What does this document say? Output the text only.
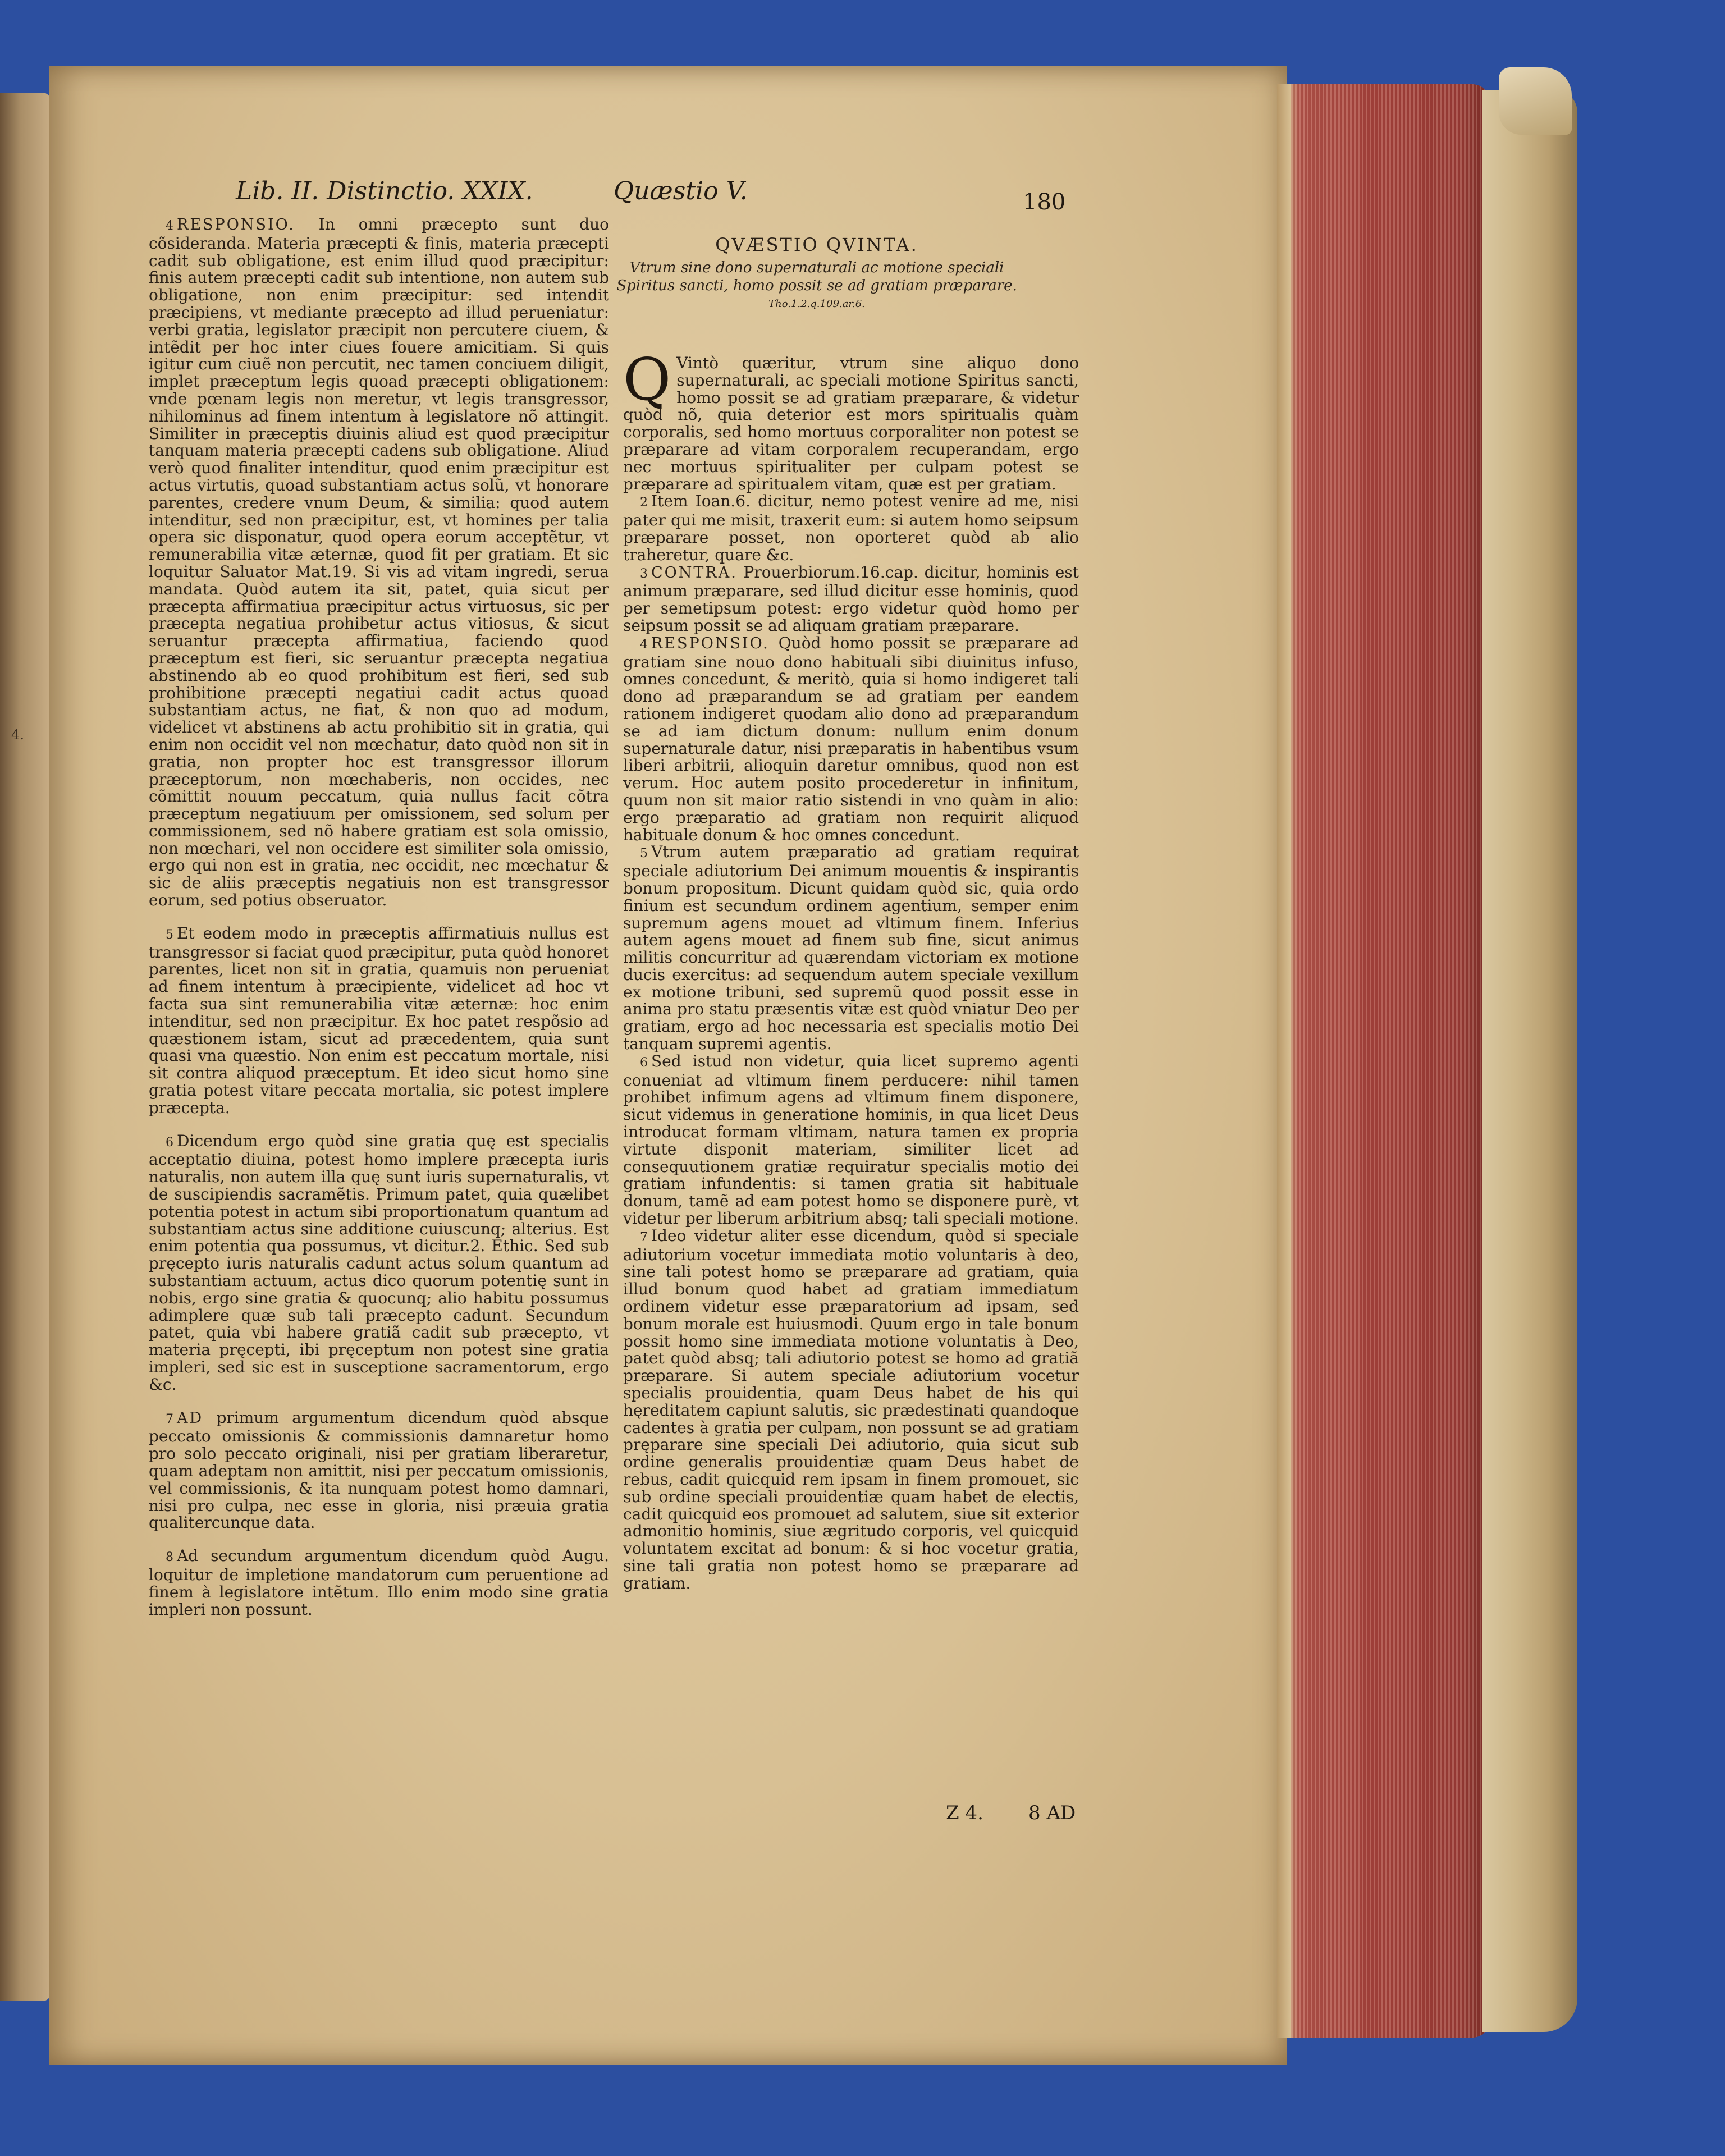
4.
Lib. II. Distinctio. XXIX.	Quæstio V.	180

4 RESPONSIO. In omni præcepto sunt duo cõsideranda. Materia præcepti & finis, materia præcepti cadit sub obligatione, est enim illud quod præcipitur: finis autem præcepti cadit sub intentione, non autem sub obligatione, non enim præcipitur: sed intendit præcipiens, vt mediante præcepto ad illud perueniatur: verbi gratia, legislator præcipit non percutere ciuem, & intẽdit per hoc inter ciues fouere amicitiam. Si quis igitur cum ciuẽ non percutit, nec tamen conciuem diligit, implet præceptum legis quoad præcepti obligationem: vnde pœnam legis non meretur, vt legis transgressor, nihilominus ad finem intentum à legislatore nõ attingit. Similiter in præceptis diuinis aliud est quod præcipitur tanquam materia præcepti cadens sub obligatione. Aliud verò quod finaliter intenditur, quod enim præcipitur est actus virtutis, quoad substantiam actus solũ, vt honorare parentes, credere vnum Deum, & similia: quod autem intenditur, sed non præcipitur, est, vt homines per talia opera sic disponatur, quod opera eorum acceptẽtur, vt remunerabilia vitæ æternæ, quod fit per gratiam. Et sic loquitur Saluator Mat.19. Si vis ad vitam ingredi, serua mandata. Quòd autem ita sit, patet, quia sicut per præcepta affirmatiua præcipitur actus virtuosus, sic per præcepta negatiua prohibetur actus vitiosus, & sicut seruantur præcepta affirmatiua, faciendo quod præceptum est fieri, sic seruantur præcepta negatiua abstinendo ab eo quod prohibitum est fieri, sed sub prohibitione præcepti negatiui cadit actus quoad substantiam actus, ne fiat, & non quo ad modum, videlicet vt abstinens ab actu prohibitio sit in gratia, qui enim non occidit vel non mœchatur, dato quòd non sit in gratia, non propter hoc est transgressor illorum præceptorum, non mœchaberis, non occides, nec cõmittit nouum peccatum, quia nullus facit cõtra præceptum negatiuum per omissionem, sed solum per commissionem, sed nõ habere gratiam est sola omissio, non mœchari, vel non occidere est similiter sola omissio, ergo qui non est in gratia, nec occidit, nec mœchatur & sic de aliis præceptis negatiuis non est transgressor eorum, sed potius obseruator.

5 Et eodem modo in præceptis affirmatiuis nullus est transgressor si faciat quod præcipitur, puta quòd honoret parentes, licet non sit in gratia, quamuis non perueniat ad finem intentum à præcipiente, videlicet ad hoc vt facta sua sint remunerabilia vitæ æternæ: hoc enim intenditur, sed non præcipitur. Ex hoc patet respõsio ad quæstionem istam, sicut ad præcedentem, quia sunt quasi vna quæstio. Non enim est peccatum mortale, nisi sit contra aliquod præceptum. Et ideo sicut homo sine gratia potest vitare peccata mortalia, sic potest implere præcepta.

6 Dicendum ergo quòd sine gratia quę est specialis acceptatio diuina, potest homo implere præcepta iuris naturalis, non autem illa quę sunt iuris supernaturalis, vt de suscipiendis sacramẽtis. Primum patet, quia quælibet potentia potest in actum sibi proportionatum quantum ad substantiam actus sine additione cuiuscunq; alterius. Est enim potentia qua possumus, vt dicitur.2. Ethic. Sed sub pręcepto iuris naturalis cadunt actus solum quantum ad substantiam actuum, actus dico quorum potentię sunt in nobis, ergo sine gratia & quocunq; alio habitu possumus adimplere quæ sub tali præcepto cadunt. Secundum patet, quia vbi habere gratiã cadit sub præcepto, vt materia pręcepti, ibi pręceptum non potest sine gratia impleri, sed sic est in susceptione sacramentorum, ergo &c.

7 AD primum argumentum dicendum quòd absque peccato omissionis & commissionis damnaretur homo pro solo peccato originali, nisi per gratiam liberaretur, quam adeptam non amittit, nisi per peccatum omissionis, vel commissionis, & ita nunquam potest homo damnari, nisi pro culpa, nec esse in gloria, nisi præuia gratia qualitercunque data.

8 Ad secundum argumentum dicendum quòd Augu. loquitur de impletione mandatorum cum peruentione ad finem à legislatore intẽtum. Illo enim modo sine gratia impleri non possunt.

QVÆSTIO QVINTA.
Vtrum sine dono supernaturali ac motione speciali Spiritus sancti, homo possit se ad gratiam præparare.
Tho.1.2.q.109.ar.6.

Q Vintò quæritur, vtrum sine aliquo dono supernaturali, ac speciali motione Spiritus sancti, homo possit se ad gratiam præparare, & videtur quòd nõ, quia deterior est mors spiritualis quàm corporalis, sed homo mortuus corporaliter non potest se præparare ad vitam corporalem recuperandam, ergo nec mortuus spiritualiter per culpam potest se præparare ad spiritualem vitam, quæ est per gratiam.

2 Item Ioan.6. dicitur, nemo potest venire ad me, nisi pater qui me misit, traxerit eum: si autem homo seipsum præparare posset, non oporteret quòd ab alio traheretur, quare &c.

3 CONTRA. Prouerbiorum.16.cap. dicitur, hominis est animum præparare, sed illud dicitur esse hominis, quod per semetipsum potest: ergo videtur quòd homo per seipsum possit se ad aliquam gratiam præparare.

4 RESPONSIO. Quòd homo possit se præparare ad gratiam sine nouo dono habituali sibi diuinitus infuso, omnes concedunt, & meritò, quia si homo indigeret tali dono ad præparandum se ad gratiam per eandem rationem indigeret quodam alio dono ad præparandum se ad iam dictum donum: nullum enim donum supernaturale datur, nisi præparatis in habentibus vsum liberi arbitrii, alioquin daretur omnibus, quod non est verum. Hoc autem posito procederetur in infinitum, quum non sit maior ratio sistendi in vno quàm in alio: ergo præparatio ad gratiam non requirit aliquod habituale donum & hoc omnes concedunt.

5 Vtrum autem præparatio ad gratiam requirat speciale adiutorium Dei animum mouentis & inspirantis bonum propositum. Dicunt quidam quòd sic, quia ordo finium est secundum ordinem agentium, semper enim supremum agens mouet ad vltimum finem. Inferius autem agens mouet ad finem sub fine, sicut animus militis concurritur ad quærendam victoriam ex motione ducis exercitus: ad sequendum autem speciale vexillum ex motione tribuni, sed supremũ quod possit esse in anima pro statu præsentis vitæ est quòd vniatur Deo per gratiam, ergo ad hoc necessaria est specialis motio Dei tanquam supremi agentis.

6 Sed istud non videtur, quia licet supremo agenti conueniat ad vltimum finem perducere: nihil tamen prohibet infimum agens ad vltimum finem disponere, sicut videmus in generatione hominis, in qua licet Deus introducat formam vltimam, natura tamen ex propria virtute disponit materiam, similiter licet ad consequutionem gratiæ requiratur specialis motio dei gratiam infundentis: si tamen gratia sit habituale donum, tamẽ ad eam potest homo se disponere purè, vt videtur per liberum arbitrium absq; tali speciali motione.

7 Ideo videtur aliter esse dicendum, quòd si speciale adiutorium vocetur immediata motio voluntaris à deo, sine tali potest homo se præparare ad gratiam, quia illud bonum quod habet ad gratiam immediatum ordinem videtur esse præparatorium ad ipsam, sed bonum morale est huiusmodi. Quum ergo in tale bonum possit homo sine immediata motione voluntatis à Deo, patet quòd absq; tali adiutorio potest se homo ad gratiã præparare. Si autem speciale adiutorium vocetur specialis prouidentia, quam Deus habet de his qui hęreditatem capiunt salutis, sic prædestinati quandoque cadentes à gratia per culpam, non possunt se ad gratiam pręparare sine speciali Dei adiutorio, quia sicut sub ordine generalis prouidentiæ quam Deus habet de rebus, cadit quicquid rem ipsam in finem promouet, sic sub ordine speciali prouidentiæ quam habet de electis, cadit quicquid eos promouet ad salutem, siue sit exterior admonitio hominis, siue ægritudo corporis, vel quicquid voluntatem excitat ad bonum: & si hoc vocetur gratia, sine tali gratia non potest homo se præparare ad gratiam.

Z 4. 8 AD
